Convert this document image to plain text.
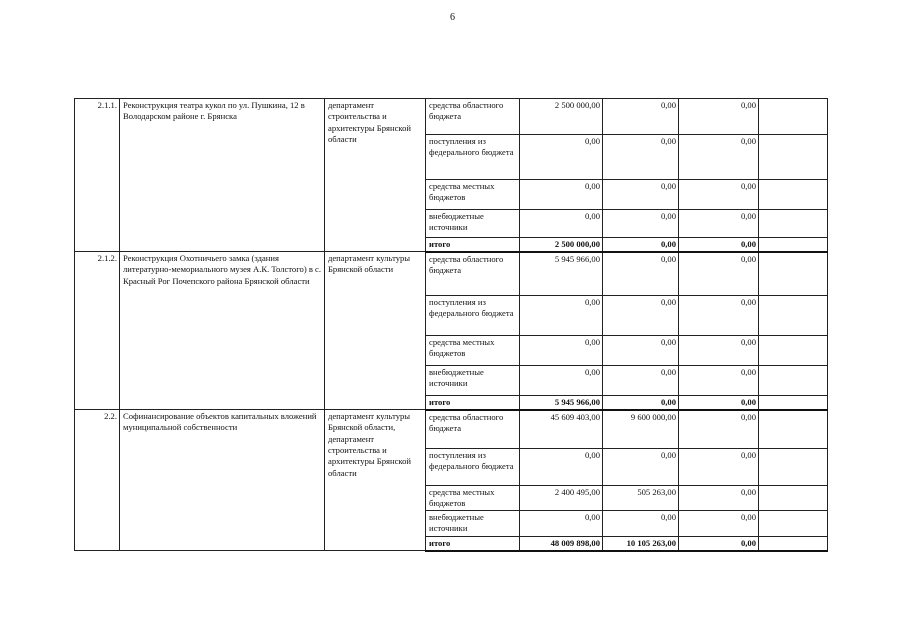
6
2.1.1.	Реконструкция театра кукол по ул. Пушкина, 12 в Володарском районе г. Брянска	департамент строительства и архитектуры Брянской области	средства областного бюджета	2 500 000,00	0,00	0,00	
			поступления из федерального бюджета	0,00	0,00	0,00	
			средства местных бюджетов	0,00	0,00	0,00	
			внебюджетные источники	0,00	0,00	0,00	
			итого	2 500 000,00	0,00	0,00	
2.1.2.	Реконструкция Охотничьего замка (здания литературно-мемориального музея А.К. Толстого) в с. Красный Рог Почепского района Брянской области	департамент культуры Брянской области	средства областного бюджета	5 945 966,00	0,00	0,00	
			поступления из федерального бюджета	0,00	0,00	0,00	
			средства местных бюджетов	0,00	0,00	0,00	
			внебюджетные источники	0,00	0,00	0,00	
			итого	5 945 966,00	0,00	0,00	
2.2.	Софинансирование объектов капитальных вложений муниципальной собственности	департамент культуры Брянской области, департамент строительства и архитектуры Брянской области	средства областного бюджета	45 609 403,00	9 600 000,00	0,00	
			поступления из федерального бюджета	0,00	0,00	0,00	
			средства местных бюджетов	2 400 495,00	505 263,00	0,00	
			внебюджетные источники	0,00	0,00	0,00	
			итого	48 009 898,00	10 105 263,00	0,00	
